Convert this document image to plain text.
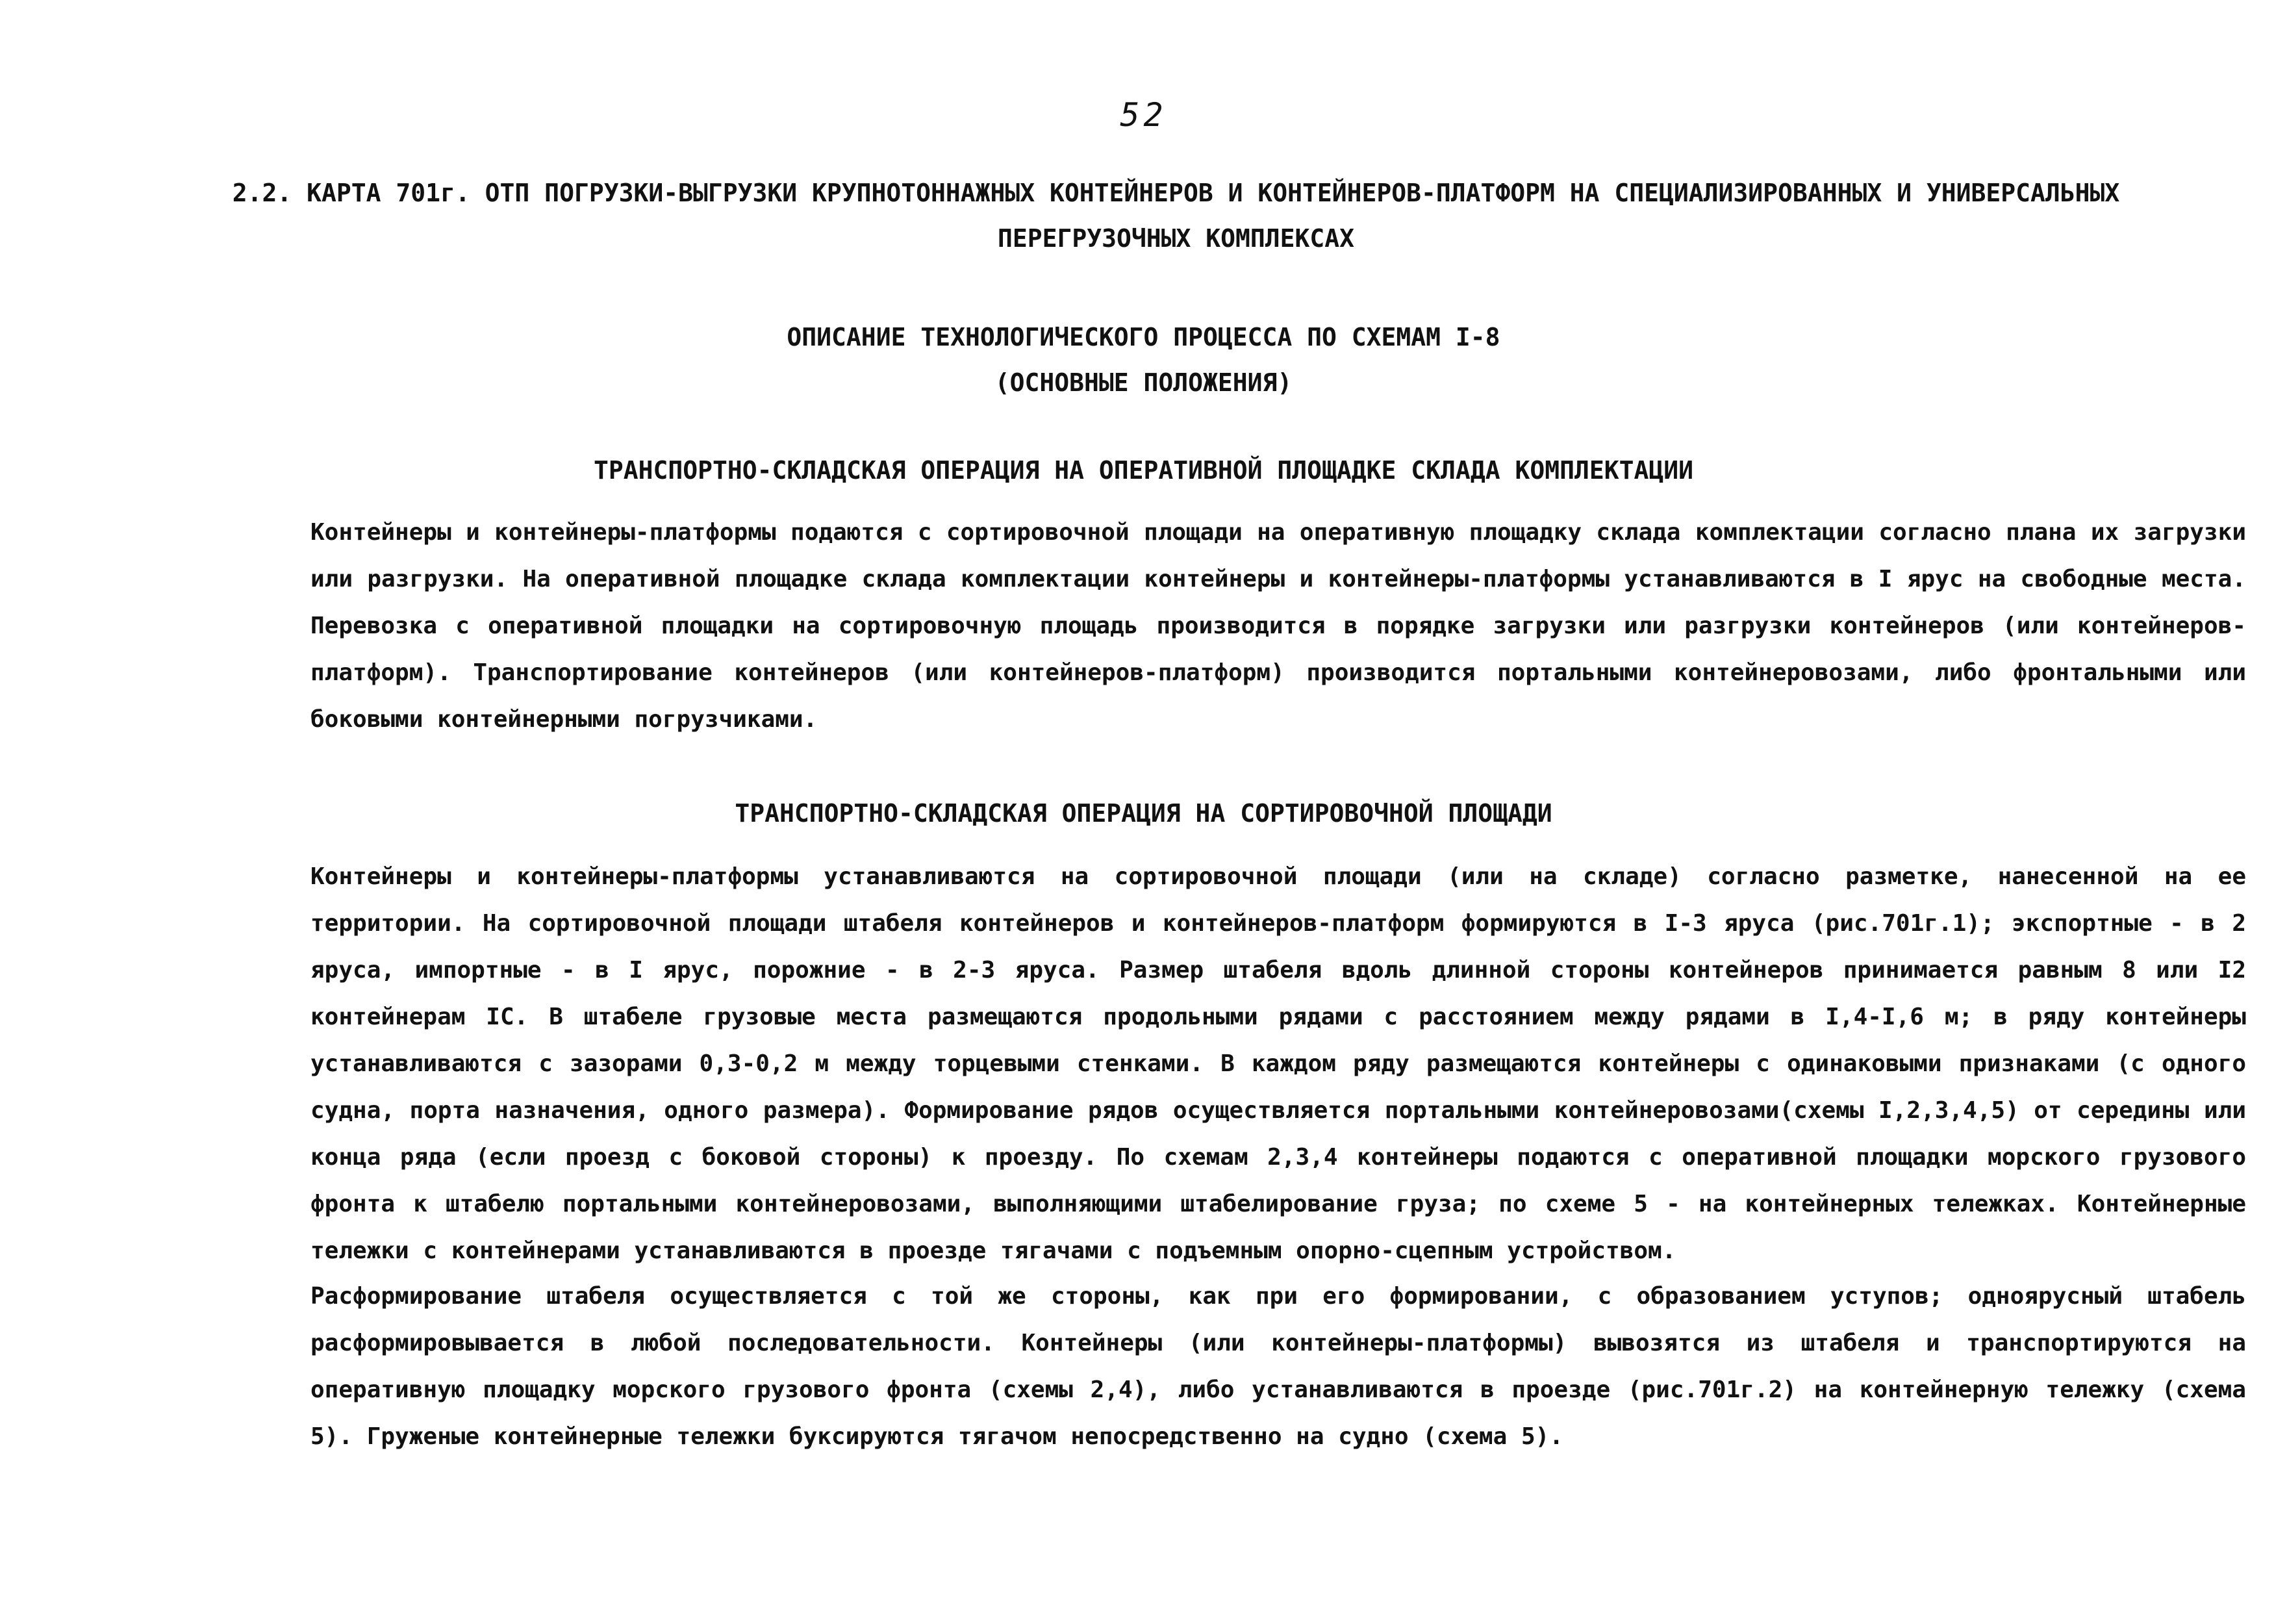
52
2.2. КАРТА 701г. ОТП ПОГРУЗКИ-ВЫГРУЗКИ КРУПНОТОННАЖНЫХ КОНТЕЙНЕРОВ И КОНТЕЙНЕРОВ-ПЛАТФОРМ НА СПЕЦИАЛИЗИРОВАННЫХ И УНИВЕРСАЛЬНЫХ ПЕРЕГРУЗОЧНЫХ КОМПЛЕКСАХ
ОПИСАНИЕ ТЕХНОЛОГИЧЕСКОГО ПРОЦЕССА ПО СХЕМАМ I-8
(ОСНОВНЫЕ ПОЛОЖЕНИЯ)
ТРАНСПОРТНО-СКЛАДСКАЯ ОПЕРАЦИЯ НА ОПЕРАТИВНОЙ ПЛОЩАДКЕ СКЛАДА КОМПЛЕКТАЦИИ

Контейнеры и контейнеры-платформы подаются с сортировочной площади на оперативную площадку склада комплектации согласно плана их загрузки или разгрузки. На оперативной площадке склада комплектации контейнеры и контейнеры-платформы устанавливаются в I ярус на свободные места. Перевозка с оперативной площадки на сортировочную площадь производится в порядке загрузки или разгрузки контейнеров (или контейнеров-платформ). Транспортирование контейнеров (или контейнеров-платформ) производится портальными контейнеровозами, либо фронтальными или боковыми контейнерными погрузчиками.

ТРАНСПОРТНО-СКЛАДСКАЯ ОПЕРАЦИЯ НА СОРТИРОВОЧНОЙ ПЛОЩАДИ

Контейнеры и контейнеры-платформы устанавливаются на сортировочной площади (или на складе) согласно разметке, нанесенной на ее территории. На сортировочной площади штабеля контейнеров и контейнеров-платформ формируются в I-3 яруса (рис.701г.1); экспортные - в 2 яруса, импортные - в I ярус, порожние - в 2-3 яруса. Размер штабеля вдоль длинной стороны контейнеров принимается равным 8 или I2 контейнерам IC. В штабеле грузовые места размещаются продольными рядами с расстоянием между рядами в I,4-I,6 м; в ряду контейнеры устанавливаются с зазорами 0,3-0,2 м между торцевыми стенками. В каждом ряду размещаются контейнеры с одинаковыми признаками (с одного судна, порта назначения, одного размера). Формирование рядов осуществляется портальными контейнеровозами(схемы I,2,3,4,5) от середины или конца ряда (если проезд с боковой стороны) к проезду. По схемам 2,3,4 контейнеры подаются с оперативной площадки морского грузового фронта к штабелю портальными контейнеровозами, выполняющими штабелирование груза; по схеме 5 - на контейнерных тележках. Контейнерные тележки с контейнерами устанавливаются в проезде тягачами с подъемным опорно-сцепным устройством.

Расформирование штабеля осуществляется с той же стороны, как при его формировании, с образованием уступов; одноярусный штабель расформировывается в любой последовательности. Контейнеры (или контейнеры-платформы) вывозятся из штабеля и транспортируются на оперативную площадку морского грузового фронта (схемы 2,4), либо устанавливаются в проезде (рис.701г.2) на контейнерную тележку (схема 5). Груженые контейнерные тележки буксируются тягачом непосредственно на судно (схема 5).
